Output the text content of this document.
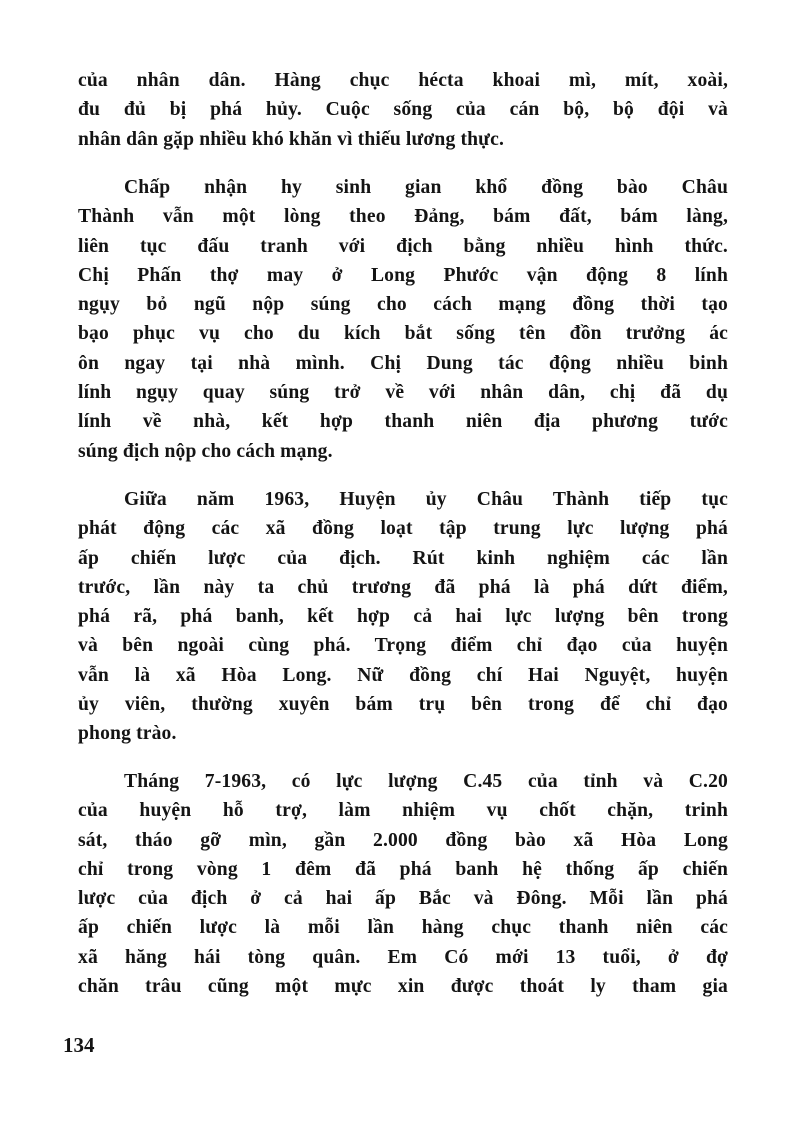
của nhân dân. Hàng chục hécta khoai mì, mít, xoài,
đu đủ bị phá hủy. Cuộc sống của cán bộ, bộ đội và
nhân dân gặp nhiều khó khăn vì thiếu lương thực.
Chấp nhận hy sinh gian khổ đồng bào Châu
Thành vẫn một lòng theo Đảng, bám đất, bám làng,
liên tục đấu tranh với địch bằng nhiều hình thức.
Chị Phấn thợ may ở Long Phước vận động 8 lính
ngụy bỏ ngũ nộp súng cho cách mạng đồng thời tạo
bạo phục vụ cho du kích bắt sống tên đồn trưởng ác
ôn ngay tại nhà mình. Chị Dung tác động nhiều binh
lính ngụy quay súng trở về với nhân dân, chị đã dụ
lính về nhà, kết hợp thanh niên địa phương tước
súng địch nộp cho cách mạng.
Giữa năm 1963, Huyện ủy Châu Thành tiếp tục
phát động các xã đồng loạt tập trung lực lượng phá
ấp chiến lược của địch. Rút kinh nghiệm các lần
trước, lần này ta chủ trương đã phá là phá dứt điểm,
phá rã, phá banh, kết hợp cả hai lực lượng bên trong
và bên ngoài cùng phá. Trọng điểm chỉ đạo của huyện
vẫn là xã Hòa Long. Nữ đồng chí Hai Nguyệt, huyện
ủy viên, thường xuyên bám trụ bên trong để chỉ đạo
phong trào.
Tháng 7-1963, có lực lượng C.45 của tỉnh và C.20
của huyện hỗ trợ, làm nhiệm vụ chốt chặn, trinh
sát, tháo gỡ mìn, gần 2.000 đồng bào xã Hòa Long
chỉ trong vòng 1 đêm đã phá banh hệ thống ấp chiến
lược của địch ở cả hai ấp Bắc và Đông. Mỗi lần phá
ấp chiến lược là mỗi lần hàng chục thanh niên các
xã hăng hái tòng quân. Em Có mới 13 tuổi, ở đợ
chăn trâu cũng một mực xin được thoát ly tham gia
134
